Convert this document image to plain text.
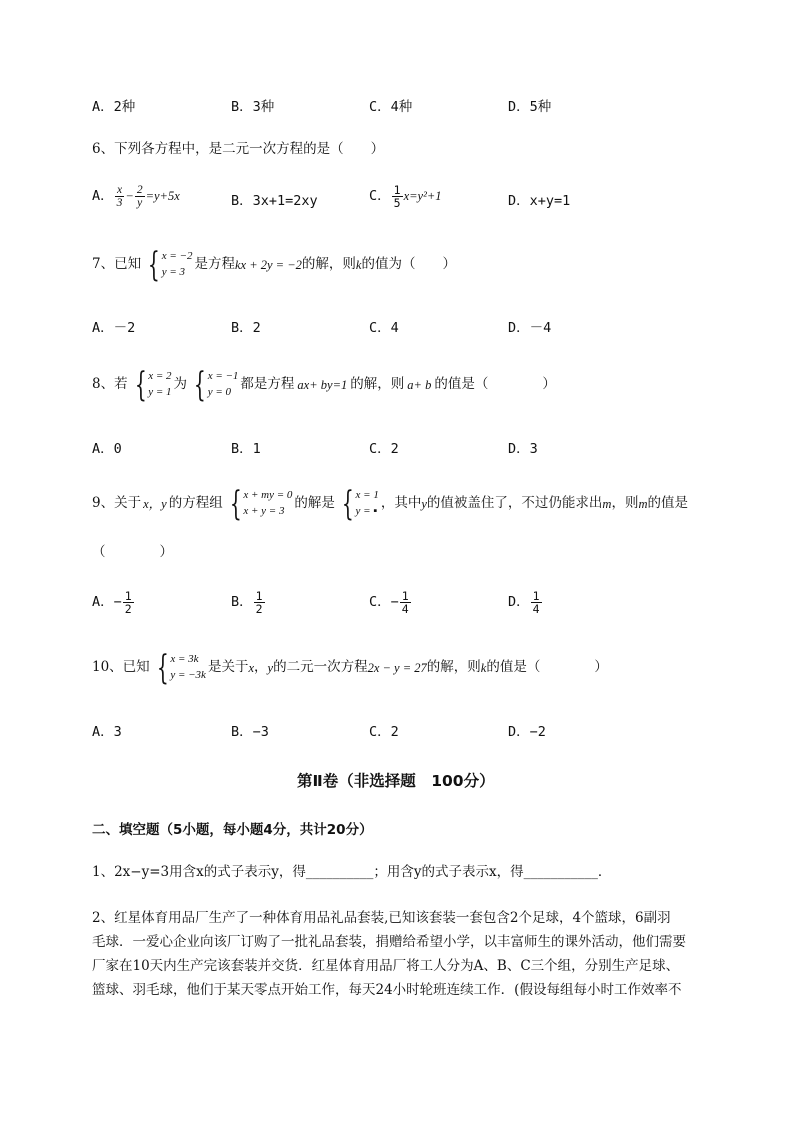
A．2种	B．3种	C．4种	D．5种
6、下列各方程中，是二元一次方程的是（　　）
A． $\frac{x}{3} - \frac{2}{y} =y+5x$	B．3x+1=2xy	C． $\frac{1}{5} x=y^2+1$	D．x+y=1
7、已知 { x = −2
y = 3 是方程 kx + 2y = −2 的解，则 k 的值为（　　）
A．－2	B．2	C．4	D．－4
8、若 { x = 2
y = 1 为 { x = −1
y = 0 都是方程 ax+ by=1 的解，则 a+ b 的值是（　　　　）
A．0	B．1	C．2	D．3
9、关于 x，y 的方程组 { x + my = 0
x + y = 3 的解是 { x = 1
y = ▪ ，其中 y 的值被盖住了，不过仍能求出 m ，则 m 的值是
（　　　　）
A． − $\frac{1}{2}$	B． $\frac{1}{2}$	C． − $\frac{1}{4}$	D． $\frac{1}{4}$
10、已知 { x = 3k
y = −3k 是关于 x ， y 的二元一次方程 2x − y = 27 的解，则 k 的值是（　　　　）
A．3	B．−3	C．2	D．−2
第Ⅱ卷（非选择题　100分）
二、填空题（5小题，每小题4分，共计20分）
1、2x−y=3用含x的式子表示y，得__________；用含y的式子表示x，得___________．
2、红星体育用品厂生产了一种体育用品礼品套装,已知该套装一套包含2个足球，4个篮球，6副羽
毛球．一爱心企业向该厂订购了一批礼品套装，捐赠给希望小学，以丰富师生的课外活动，他们需要
厂家在10天内生产完该套装并交货．红星体育用品厂将工人分为A、B、C三个组，分别生产足球、
篮球、羽毛球，他们于某天零点开始工作，每天24小时轮班连续工作．(假设每组每小时工作效率不
